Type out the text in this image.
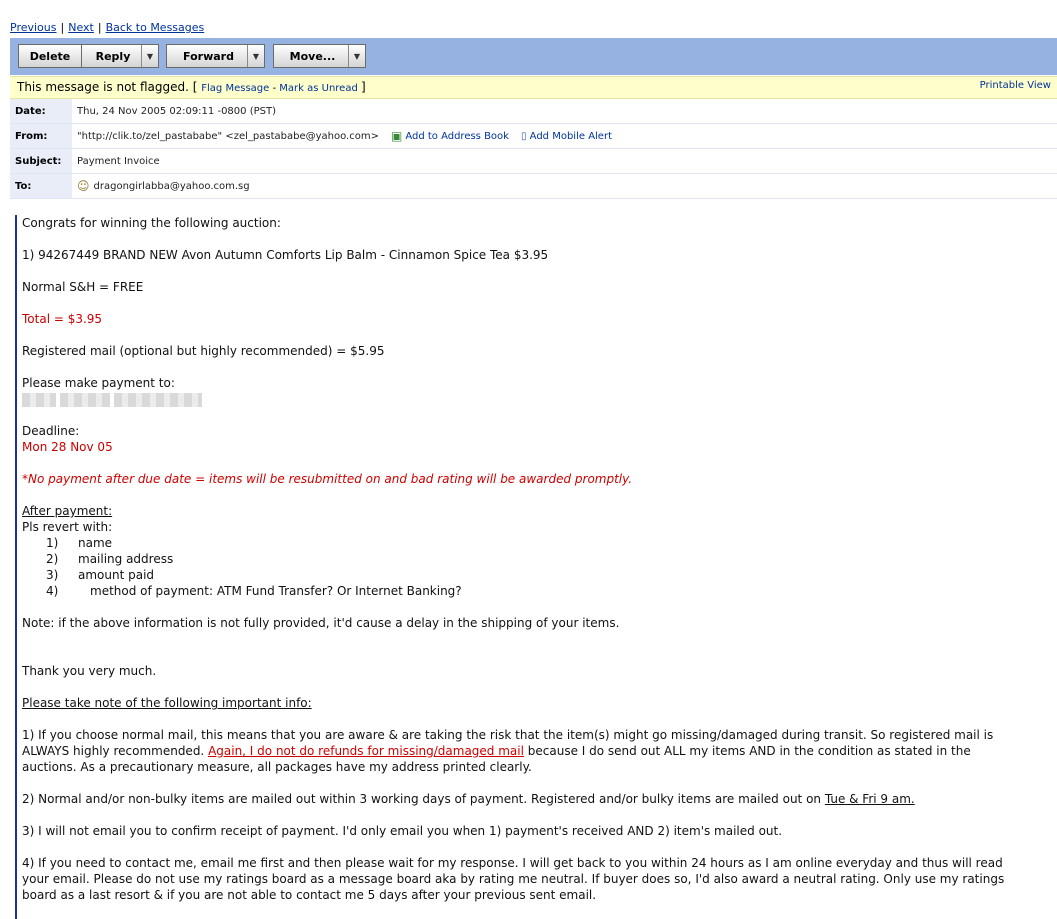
Previous | Next | Back to Messages
Delete Reply	▼	Forward	▼	Move...	▼
This message is not flagged. [ Flag Message - Mark as Unread ]	Printable View
Date:	Thu, 24 Nov 2005 02:09:11 -0800 (PST)
From:	"http://clik.to/zel_pastababe" <zel_pastababe@yahoo.com> ▣ Add to Address Book ▯
Add Mobile Alert
Subject:	Payment Invoice
To:	☺ dragongirlabba@yahoo.com.sg

Congrats for winning the following auction:

1) 94267449 BRAND NEW Avon Autumn Comforts Lip Balm - Cinnamon Spice Tea $3.95

Normal S&H = FREE

Total = $3.95

Registered mail (optional but highly recommended) = $5.95

Please make payment to:

Deadline:
Mon 28 Nov 05

*No payment after due date = items will be resubmitted on and bad rating will be awarded promptly.

After payment:
Pls revert with:
1) name
2) mailing address
3) amount paid
4)	method of payment: ATM Fund Transfer? Or Internet Banking?

Note: if the above information is not fully provided, it'd cause a delay in the shipping of your items.

Thank you very much.

Please take note of the following important info:

1) If you choose normal mail, this means that you are aware & are taking the risk that the item(s) might go missing/damaged during transit. So registered mail is ALWAYS highly recommended. Again, I do not do refunds for missing/damaged mail because I do send out ALL my items AND in the condition as stated in the auctions. As a precautionary measure, all packages have my address printed clearly.

2) Normal and/or non-bulky items are mailed out within 3 working days of payment. Registered and/or bulky items are mailed out on Tue & Fri 9 am.

3) I will not email you to confirm receipt of payment. I'd only email you when 1) payment's received AND 2) item's mailed out.

4) If you need to contact me, email me first and then please wait for my response. I will get back to you within 24 hours as I am online everyday and thus will read your email. Please do not use my ratings board as a message board aka by rating me neutral. If buyer does so, I'd also award a neutral rating. Only use my ratings board as a last resort & if you are not able to contact me 5 days after your previous sent email.
